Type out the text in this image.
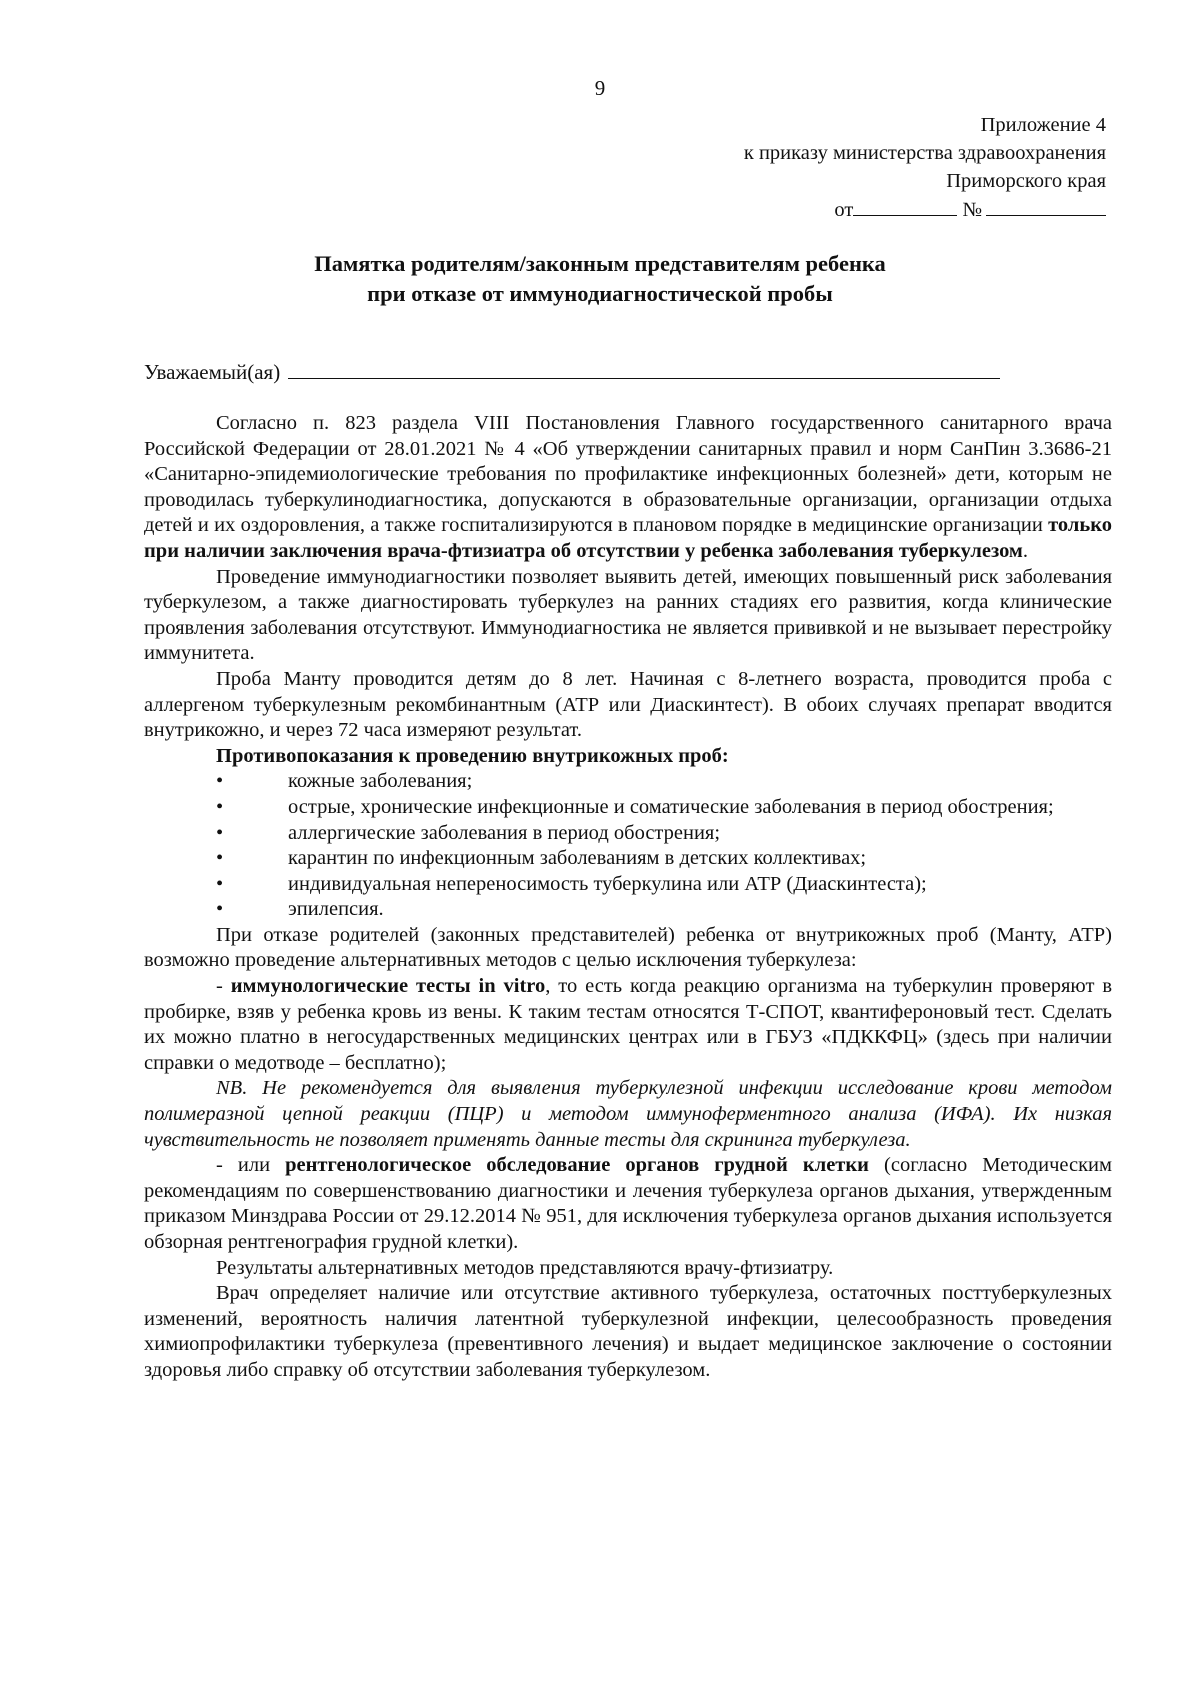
9
Приложение 4
к приказу министерства здравоохранения
Приморского края
от	№
Памятка родителям/законным представителям ребенка
при отказе от иммунодиагностической пробы
Уважаемый(ая)

Согласно п. 823 раздела VIII Постановления Главного государственного санитарного врача Российской Федерации от 28.01.2021 № 4 «Об утверждении санитарных правил и норм СанПин 3.3686-21 «Санитарно-эпидемиологические требования по профилактике инфекционных болезней» дети, которым не проводилась туберкулинодиагностика, допускаются в образовательные организации, организации отдыха детей и их оздоровления, а также госпитализируются в плановом порядке в медицинские организации только при наличии заключения врача-фтизиатра об отсутствии у ребенка заболевания туберкулезом.

Проведение иммунодиагностики позволяет выявить детей, имеющих повышенный риск заболевания туберкулезом, а также диагностировать туберкулез на ранних стадиях его развития, когда клинические проявления заболевания отсутствуют. Иммунодиагностика не является прививкой и не вызывает перестройку иммунитета.

Проба Манту проводится детям до 8 лет. Начиная с 8-летнего возраста, проводится проба с аллергеном туберкулезным рекомбинантным (АТР или Диаскинтест). В обоих случаях препарат вводится внутрикожно, и через 72 часа измеряют результат.

Противопоказания к проведению внутрикожных проб:

•	кожные заболевания;
•	острые, хронические инфекционные и соматические заболевания в период обострения;
•	аллергические заболевания в период обострения;
•	карантин по инфекционным заболеваниям в детских коллективах;
•	индивидуальная непереносимость туберкулина или АТР (Диаскинтеста);
•	эпилепсия.

При отказе родителей (законных представителей) ребенка от внутрикожных проб (Манту, АТР) возможно проведение альтернативных методов с целью исключения туберкулеза:

- иммунологические тесты in vitro, то есть когда реакцию организма на туберкулин проверяют в пробирке, взяв у ребенка кровь из вены. К таким тестам относятся Т-СПОТ, квантифероновый тест. Сделать их можно платно в негосударственных медицинских центрах или в ГБУЗ «ПДККФЦ» (здесь при наличии справки о медотводе – бесплатно);

NB. Не рекомендуется для выявления туберкулезной инфекции исследование крови методом полимеразной цепной реакции (ПЦР) и методом иммуноферментного анализа (ИФА). Их низкая чувствительность не позволяет применять данные тесты для скрининга туберкулеза.

- или рентгенологическое обследование органов грудной клетки (согласно Методическим рекомендациям по совершенствованию диагностики и лечения туберкулеза органов дыхания, утвержденным приказом Минздрава России от 29.12.2014 № 951, для исключения туберкулеза органов дыхания используется обзорная рентгенография грудной клетки).

Результаты альтернативных методов представляются врачу-фтизиатру.

Врач определяет наличие или отсутствие активного туберкулеза, остаточных посттуберкулезных изменений, вероятность наличия латентной туберкулезной инфекции, целесообразность проведения химиопрофилактики туберкулеза (превентивного лечения) и выдает медицинское заключение о состоянии здоровья либо справку об отсутствии заболевания туберкулезом.
